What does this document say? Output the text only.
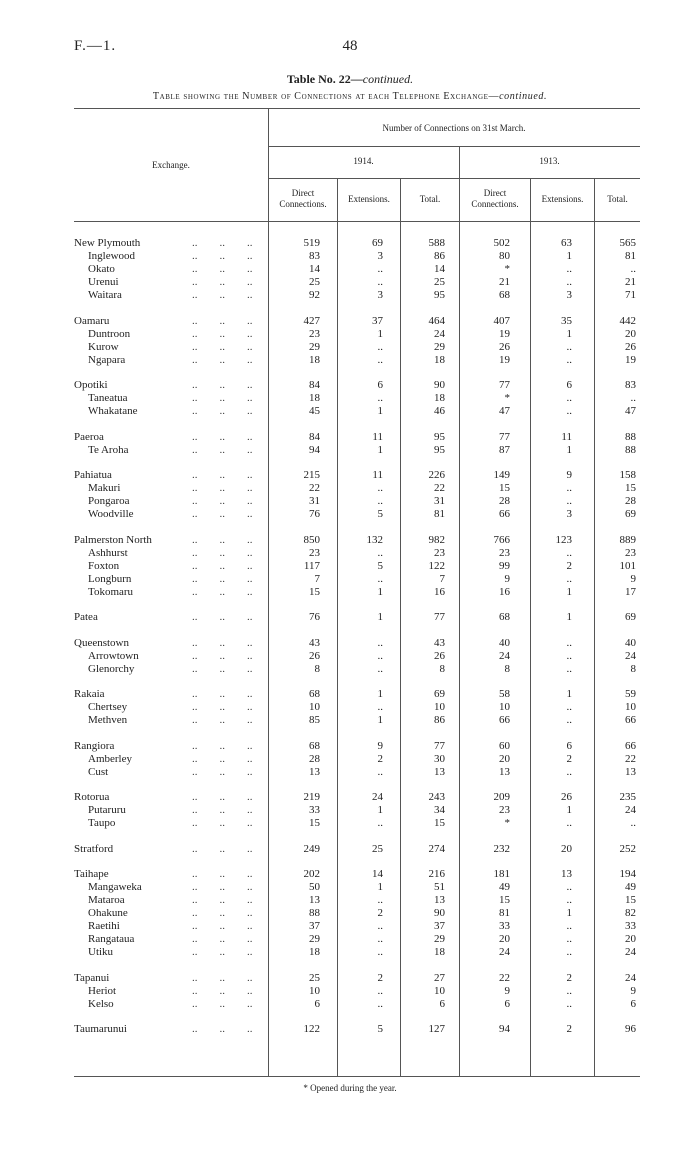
F.—1.	48
Table No. 22—continued.
Table showing the Number of Connections at each Telephone Exchange—continued.
Exchange.
Number of Connections on 31st March.
1914.	1913.
Direct Connections.	Extensions.	Total.
Direct Connections.	Extensions.	Total.
New Plymouth	..        ..        ..	519	69	588	502	63	565
Inglewood	..        ..        ..	83	3	86	80	1	81
Okato	..        ..        ..	14	..	14	*	..	..
Urenui	..        ..        ..	25	..	25	21	..	21
Waitara	..        ..        ..	92	3	95	68	3	71
Oamaru	..        ..        ..	427	37	464	407	35	442
Duntroon	..        ..        ..	23	1	24	19	1	20
Kurow	..        ..        ..	29	..	29	26	..	26
Ngapara	..        ..        ..	18	..	18	19	..	19
Opotiki	..        ..        ..	84	6	90	77	6	83
Taneatua	..        ..        ..	18	..	18	*	..	..
Whakatane	..        ..        ..	45	1	46	47	..	47
Paeroa	..        ..        ..	84	11	95	77	11	88
Te Aroha	..        ..        ..	94	1	95	87	1	88
Pahiatua	..        ..        ..	215	11	226	149	9	158
Makuri	..        ..        ..	22	..	22	15	..	15
Pongaroa	..        ..        ..	31	..	31	28	..	28
Woodville	..        ..        ..	76	5	81	66	3	69
Palmerston North	..        ..        ..	850	132	982	766	123	889
Ashhurst	..        ..        ..	23	..	23	23	..	23
Foxton	..        ..        ..	117	5	122	99	2	101
Longburn	..        ..        ..	7	..	7	9	..	9
Tokomaru	..        ..        ..	15	1	16	16	1	17
Patea	..        ..        ..	76	1	77	68	1	69
Queenstown	..        ..        ..	43	..	43	40	..	40
Arrowtown	..        ..        ..	26	..	26	24	..	24
Glenorchy	..        ..        ..	8	..	8	8	..	8
Rakaia	..        ..        ..	68	1	69	58	1	59
Chertsey	..        ..        ..	10	..	10	10	..	10
Methven	..        ..        ..	85	1	86	66	..	66
Rangiora	..        ..        ..	68	9	77	60	6	66
Amberley	..        ..        ..	28	2	30	20	2	22
Cust	..        ..        ..	13	..	13	13	..	13
Rotorua	..        ..        ..	219	24	243	209	26	235
Putaruru	..        ..        ..	33	1	34	23	1	24
Taupo	..        ..        ..	15	..	15	*	..	..
Stratford	..        ..        ..	249	25	274	232	20	252
Taihape	..        ..        ..	202	14	216	181	13	194
Mangaweka	..        ..        ..	50	1	51	49	..	49
Mataroa	..        ..        ..	13	..	13	15	..	15
Ohakune	..        ..        ..	88	2	90	81	1	82
Raetihi	..        ..        ..	37	..	37	33	..	33
Rangataua	..        ..        ..	29	..	29	20	..	20
Utiku	..        ..        ..	18	..	18	24	..	24
Tapanui	..        ..        ..	25	2	27	22	2	24
Heriot	..        ..        ..	10	..	10	9	..	9
Kelso	..        ..        ..	6	..	6	6	..	6
Taumarunui	..        ..        ..	122	5	127	94	2	96
* Opened during the year.
